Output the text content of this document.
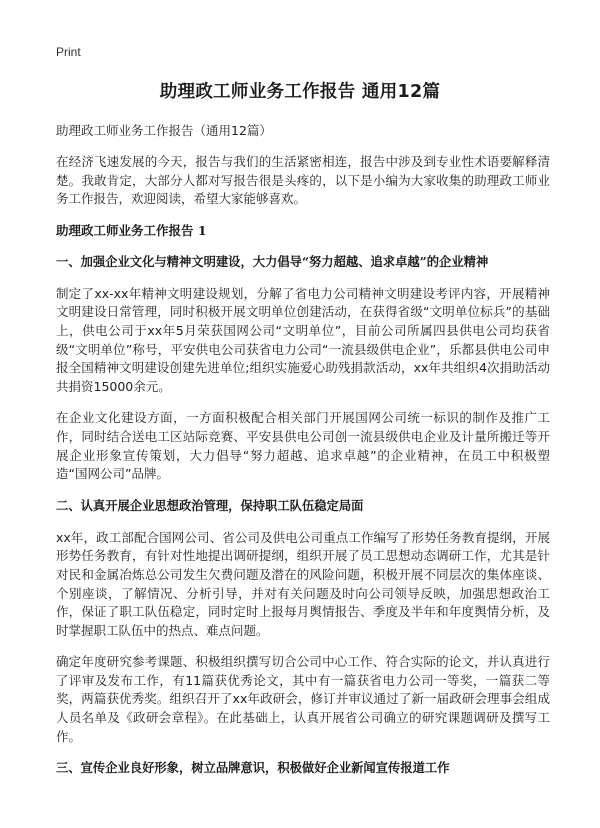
Print
助理政工师业务工作报告 通用12篇
助理政工师业务工作报告（通用12篇）

在经济飞速发展的今天，报告与我们的生活紧密相连，报告中涉及到专业性术语要解释清楚。我敢肯定，大部分人都对写报告很是头疼的，以下是小编为大家收集的助理政工师业务工作报告，欢迎阅读，希望大家能够喜欢。

助理政工师业务工作报告 1
一、加强企业文化与精神文明建设，大力倡导“努力超越、追求卓越”的企业精神

制定了xx-xx年精神文明建设规划，分解了省电力公司精神文明建设考评内容，开展精神文明建设日常管理，同时积极开展文明单位创建活动，在获得省级“文明单位标兵”的基础上，供电公司于xx年5月荣获国网公司“文明单位”，目前公司所属四县供电公司均获省级“文明单位”称号，平安供电公司获省电力公司“一流县级供电企业”，乐都县供电公司申报全国精神文明建设创建先进单位;组织实施爱心助残捐款活动，xx年共组织4次捐助活动共捐资15000余元。

在企业文化建设方面，一方面积极配合相关部门开展国网公司统一标识的制作及推广工作，同时结合送电工区站际竞赛、平安县供电公司创一流县级供电企业及计量所搬迁等开展企业形象宣传策划，大力倡导“努力超越、追求卓越”的企业精神，在员工中积极塑造“国网公司”品牌。

二、认真开展企业思想政治管理，保持职工队伍稳定局面

xx年，政工部配合国网公司、省公司及供电公司重点工作编写了形势任务教育提纲，开展形势任务教育，有针对性地提出调研提纲，组织开展了员工思想动态调研工作，尤其是针对民和金属冶炼总公司发生欠费问题及潜在的风险问题，积极开展不同层次的集体座谈、个别座谈，了解情况、分析引导，并对有关问题及时向公司领导反映，加强思想政治工作，保证了职工队伍稳定，同时定时上报每月舆情报告、季度及半年和年度舆情分析，及时掌握职工队伍中的热点、难点问题。

确定年度研究参考课题、积极组织撰写切合公司中心工作、符合实际的论文，并认真进行了评审及发布工作，有11篇获优秀论文，其中有一篇获省电力公司一等奖，一篇获二等奖，两篇获优秀奖。组织召开了xx年政研会，修订并审议通过了新一届政研会理事会组成人员名单及《政研会章程》。在此基础上，认真开展省公司确立的研究课题调研及撰写工作。

三、宣传企业良好形象，树立品牌意识，积极做好企业新闻宣传报道工作
